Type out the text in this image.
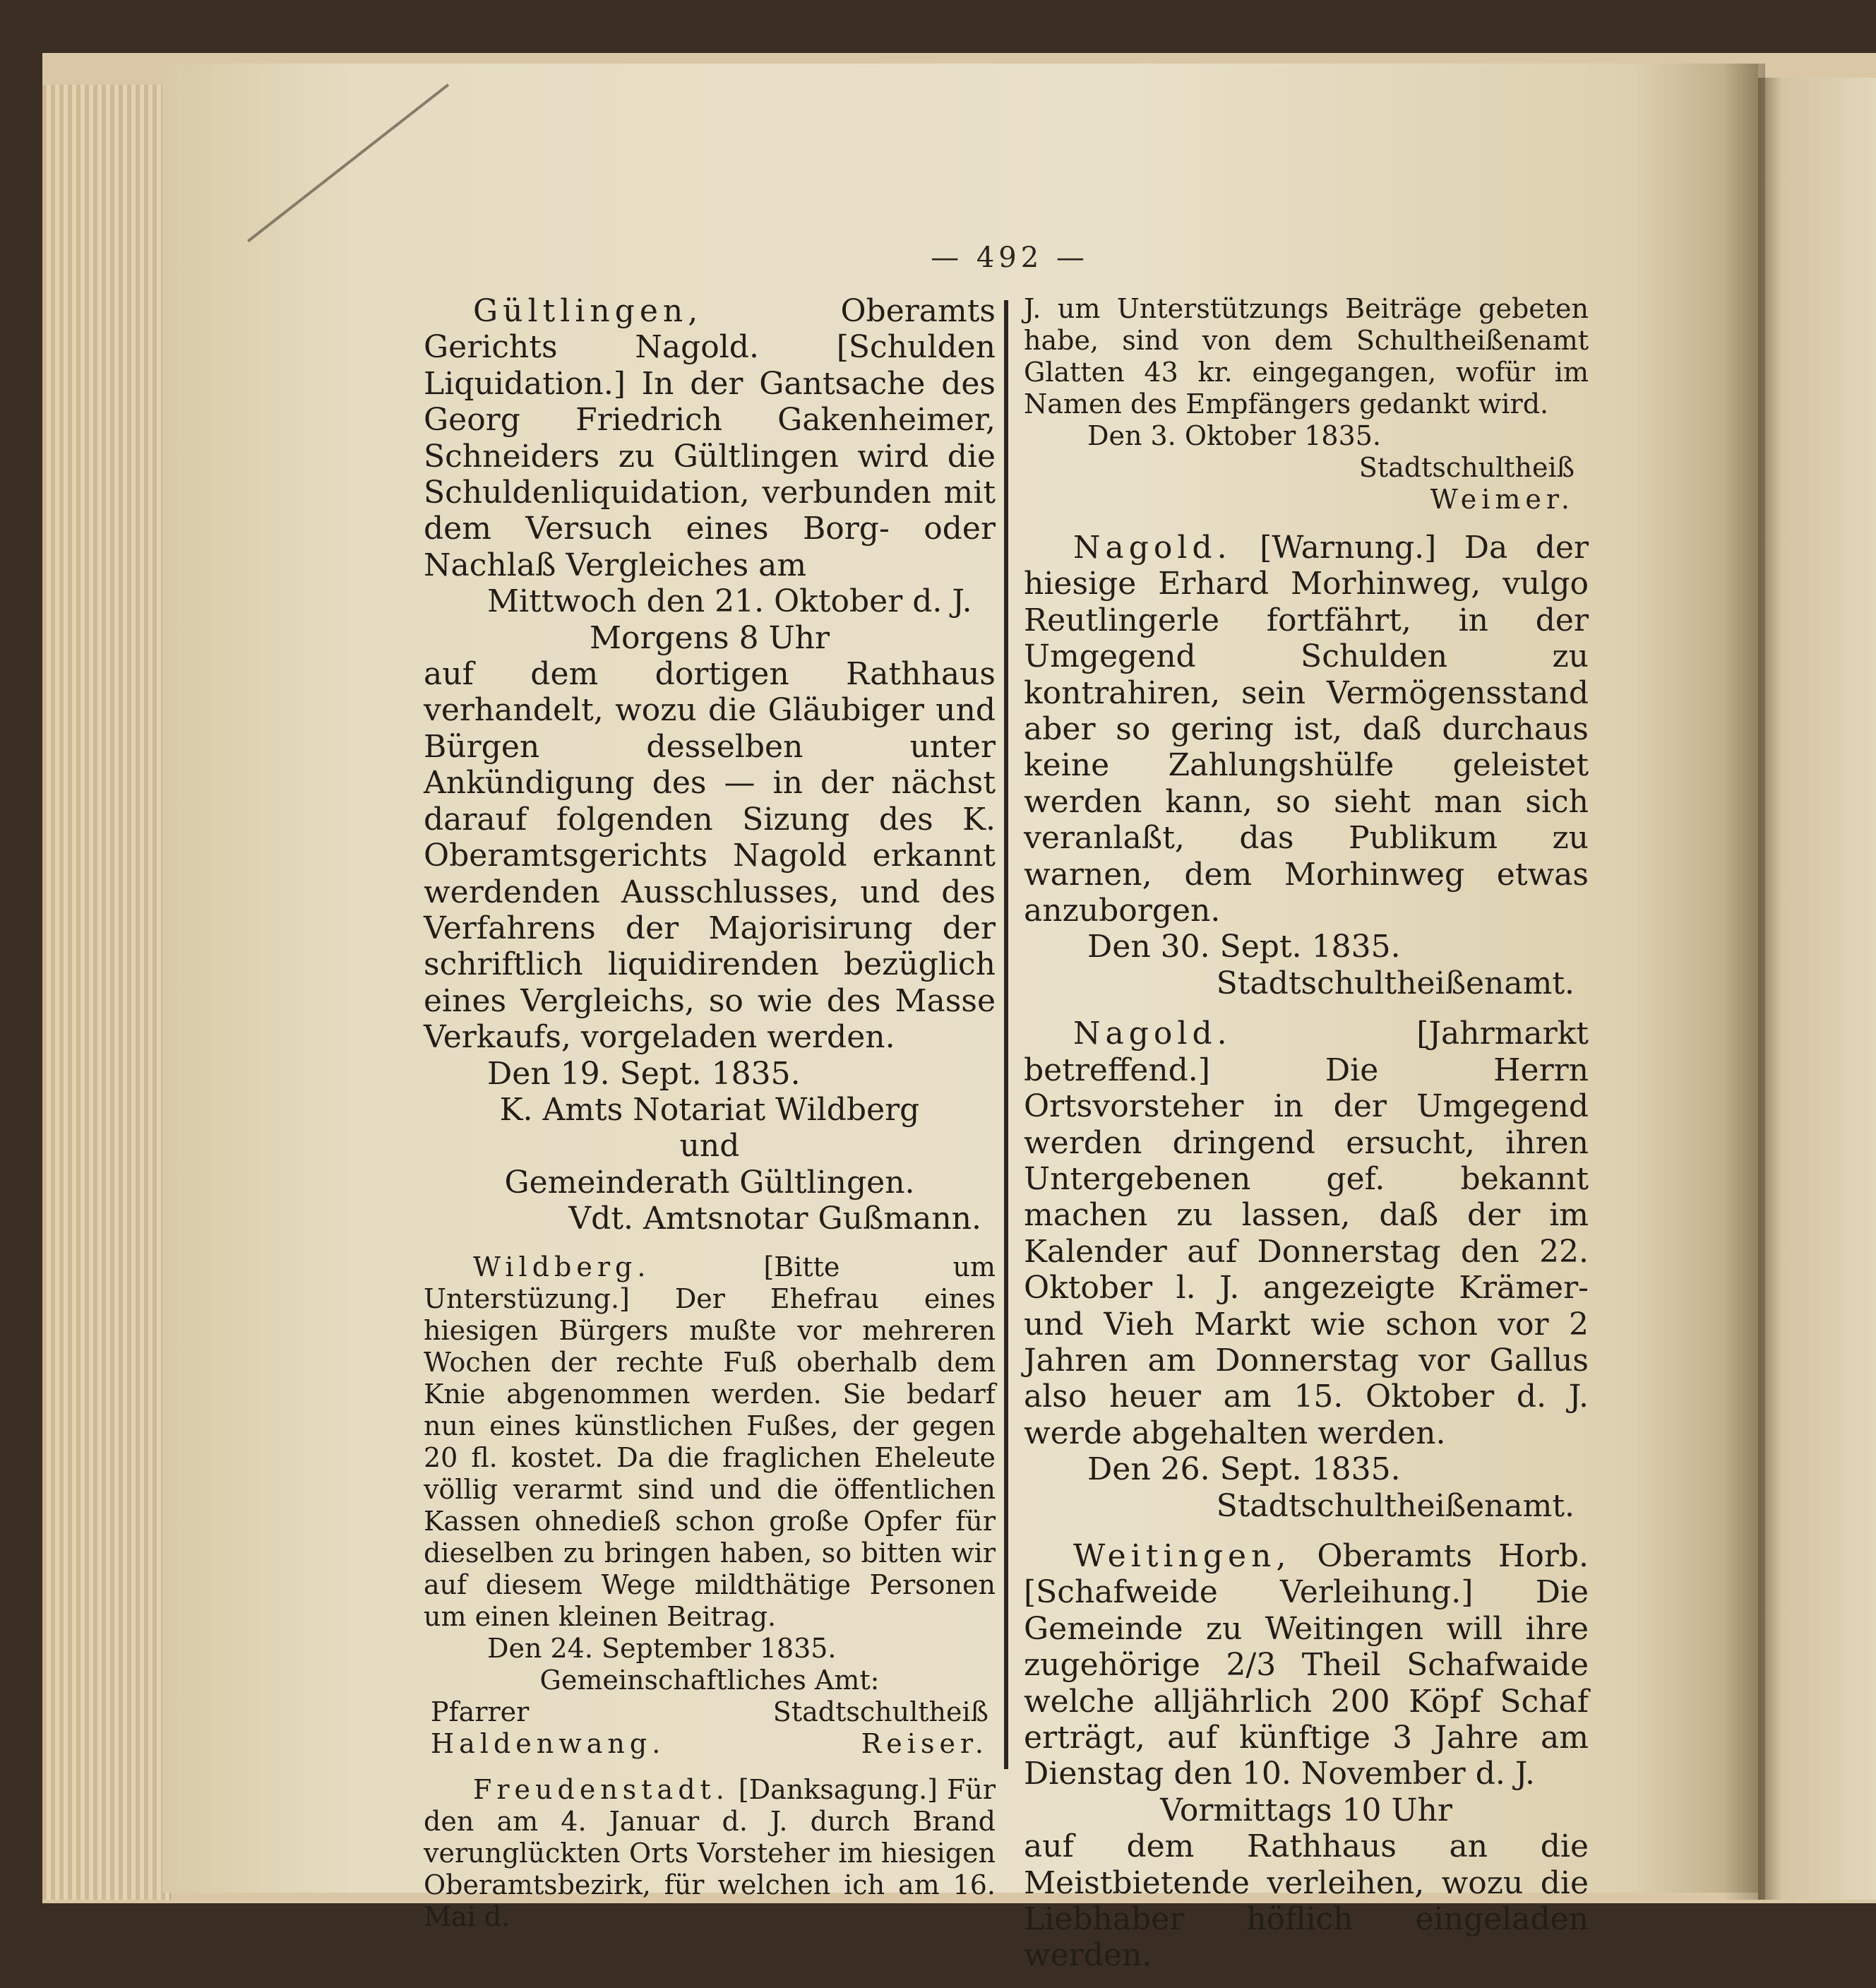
— 492 —

Gültlingen,	Oberamts Gerichts Nagold. [Schulden Liquidation.] In der Gantsache des Georg Friedrich Gakenheimer, Schneiders zu Gültlingen wird die Schuldenliquidation, verbunden mit dem Versuch eines Borg- oder Nachlaß Vergleiches am

Mittwoch den 21. Oktober d. J.

Morgens 8 Uhr

auf dem dortigen Rathhaus verhandelt, wozu die Gläubiger und Bürgen desselben unter Ankündigung des — in der nächst darauf folgenden Sizung des K. Oberamtsgerichts Nagold erkannt werdenden Ausschlusses, und des Verfahrens der Majorisirung der schriftlich liquidirenden bezüglich eines Vergleichs, so wie des Masse Verkaufs, vorgeladen werden.

Den 19. Sept. 1835.

K. Amts Notariat Wildberg

und

Gemeinderath Gültlingen.

Vdt. Amtsnotar Gußmann.

Wildberg.	[Bitte um Unterstüzung.] Der Ehefrau eines hiesigen Bürgers mußte vor mehreren Wochen der rechte Fuß oberhalb dem Knie abgenommen werden. Sie bedarf nun eines künstlichen Fußes, der gegen 20 fl. kostet. Da die fraglichen Eheleute völlig verarmt sind und die öffentlichen Kassen ohnedieß schon große Opfer für dieselben zu bringen haben, so bitten wir auf diesem Wege mildthätige Personen um einen kleinen Beitrag.

Den 24. September 1835.

Gemeinschaftliches Amt:

Pfarrer	Stadtschultheiß
Haldenwang.	Reiser.

Freudenstadt. [Danksagung.] Für den am 4. Januar d. J. durch Brand verunglückten Orts Vorsteher im hiesigen Oberamtsbezirk, für welchen ich am 16. Mai d.

J. um Unterstützungs Beiträge gebeten habe, sind von dem Schultheißenamt Glatten 43 kr. eingegangen, wofür im Namen des Empfängers gedankt wird.

Den 3. Oktober 1835.

Stadtschultheiß

Weimer.

Nagold. [Warnung.] Da der hiesige Erhard Morhinweg, vulgo Reutlingerle fortfährt, in der Umgegend Schulden zu kontrahiren, sein Vermögensstand aber so gering ist, daß durchaus keine Zahlungshülfe geleistet werden kann, so sieht man sich veranlaßt, das Publikum zu warnen, dem Morhinweg etwas anzuborgen.

Den 30. Sept. 1835.

Stadtschultheißenamt.

Nagold.	[Jahrmarkt betreffend.] Die Herrn Ortsvorsteher in der Umgegend werden dringend ersucht, ihren Untergebenen gef. bekannt machen zu lassen, daß der im Kalender auf Donnerstag den 22. Oktober l. J. angezeigte Krämer- und Vieh Markt wie schon vor 2 Jahren am Donnerstag vor Gallus also heuer am 15. Oktober d. J. werde abgehalten werden.

Den 26. Sept. 1835.

Stadtschultheißenamt.

Weitingen, Oberamts Horb. [Schafweide Verleihung.] Die Gemeinde zu Weitingen will ihre zugehörige 2/3 Theil Schafwaide welche alljährlich 200 Köpf Schaf erträgt, auf künftige 3 Jahre am Dienstag den 10. November d. J.

Vormittags 10 Uhr

auf dem Rathhaus an die Meistbietende verleihen, wozu die Liebhaber höflich eingeladen werden.
